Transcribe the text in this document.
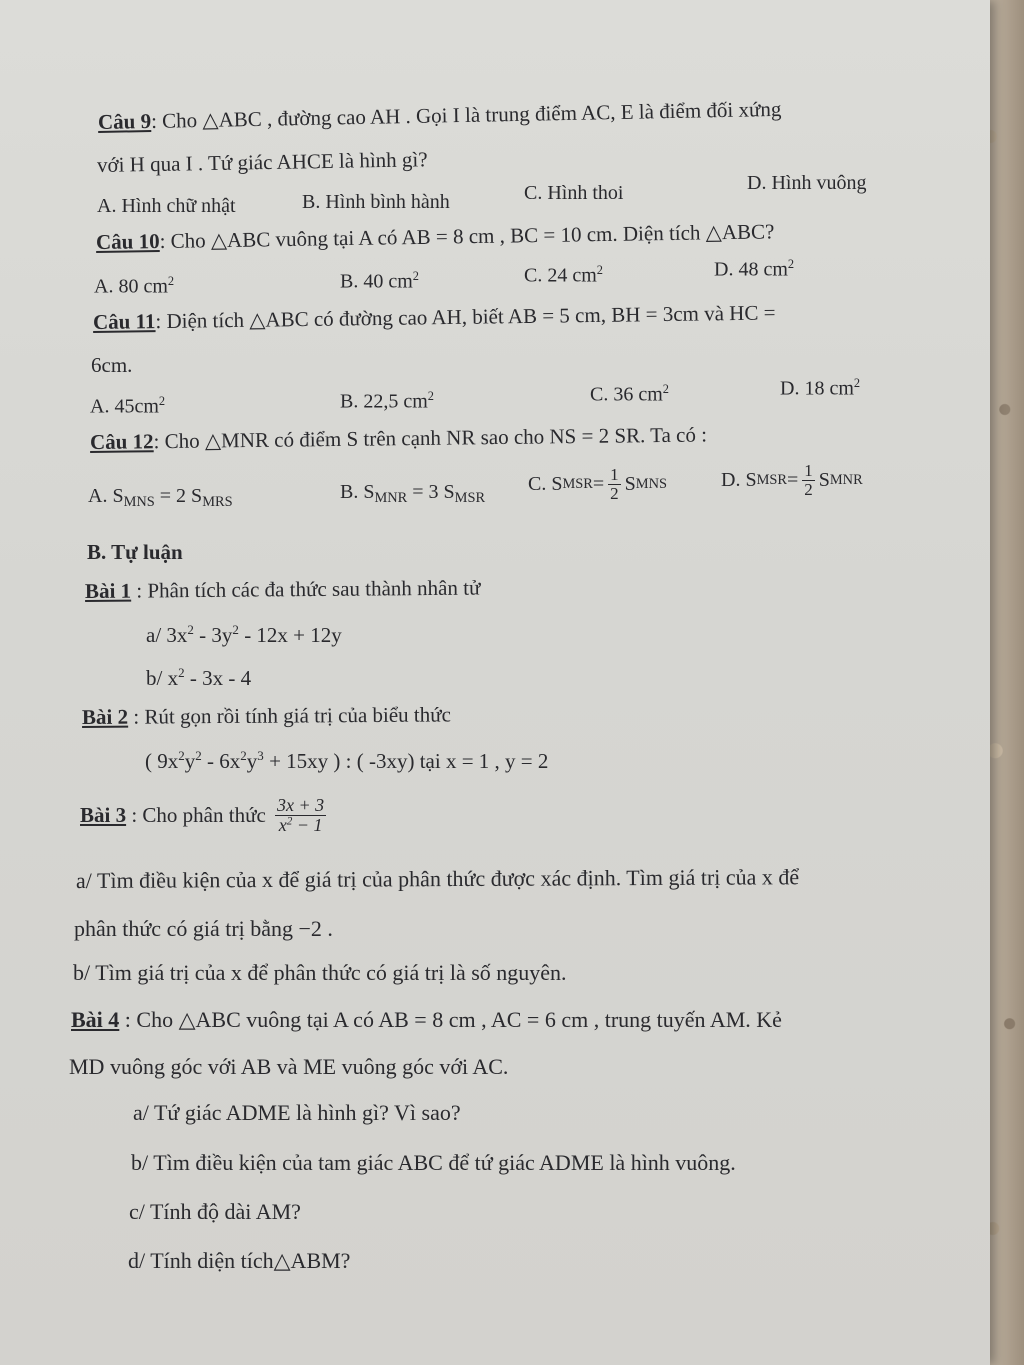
Câu 9: Cho △ABC , đường cao AH . Gọi I là trung điểm AC, E là điểm đối xứng
với H qua I . Tứ giác AHCE là hình gì?
A. Hình chữ nhật	B. Hình bình hành	C. Hình thoi	D. Hình vuông
Câu 10: Cho △ABC vuông tại A có AB = 8 cm , BC = 10 cm. Diện tích △ABC?
A. 80 $cm^2$	B. 40 $cm^2$	C. 24 $cm^2$	D. 48 $cm^2$
Câu 11: Diện tích △ABC có đường cao AH, biết AB = 5 cm, BH = 3cm và HC =
6cm.
A. $45cm^2$	B. 22,5 $cm^2$	C. 36 $cm^2$	D. 18 $cm^2$
Câu 12: Cho △MNR có điểm S trên cạnh NR sao cho NS = 2 SR. Ta có :
A. $S_{MNS} = 2$ $S_{MRS}$	B. $S_{MNR} = 3$ $S_{MSR}$
C. S MSR = $\frac{1}{2}$ S MNS	D. S MSR = $\frac{1}{2}$ S MNR
B. Tự luận
Bài 1 : Phân tích các đa thức sau thành nhân tử
a/ $3x^2 - 3y^2 - 12x + 12y$
b/ $x^2 - 3x - 4$
Bài 2 : Rút gọn rồi tính giá trị của biểu thức
( $9x^2y^2 - 6x^2y^3 + 15xy$ ) : ( -3xy) tại x = 1 , y = 2
Bài 3 : Cho phân thức $\frac{3x + 3}{x^2 - 1}$
a/ Tìm điều kiện của x để giá trị của phân thức được xác định. Tìm giá trị của x để
phân thức có giá trị bằng −2 .
b/ Tìm giá trị của x để phân thức có giá trị là số nguyên.
Bài 4 : Cho △ABC vuông tại A có AB = 8 cm , AC = 6 cm , trung tuyến AM. Kẻ
MD vuông góc với AB và ME vuông góc với AC.
a/ Tứ giác ADME là hình gì? Vì sao?
b/ Tìm điều kiện của tam giác ABC để tứ giác ADME là hình vuông.
c/ Tính độ dài AM?
d/ Tính diện tích△ABM?
